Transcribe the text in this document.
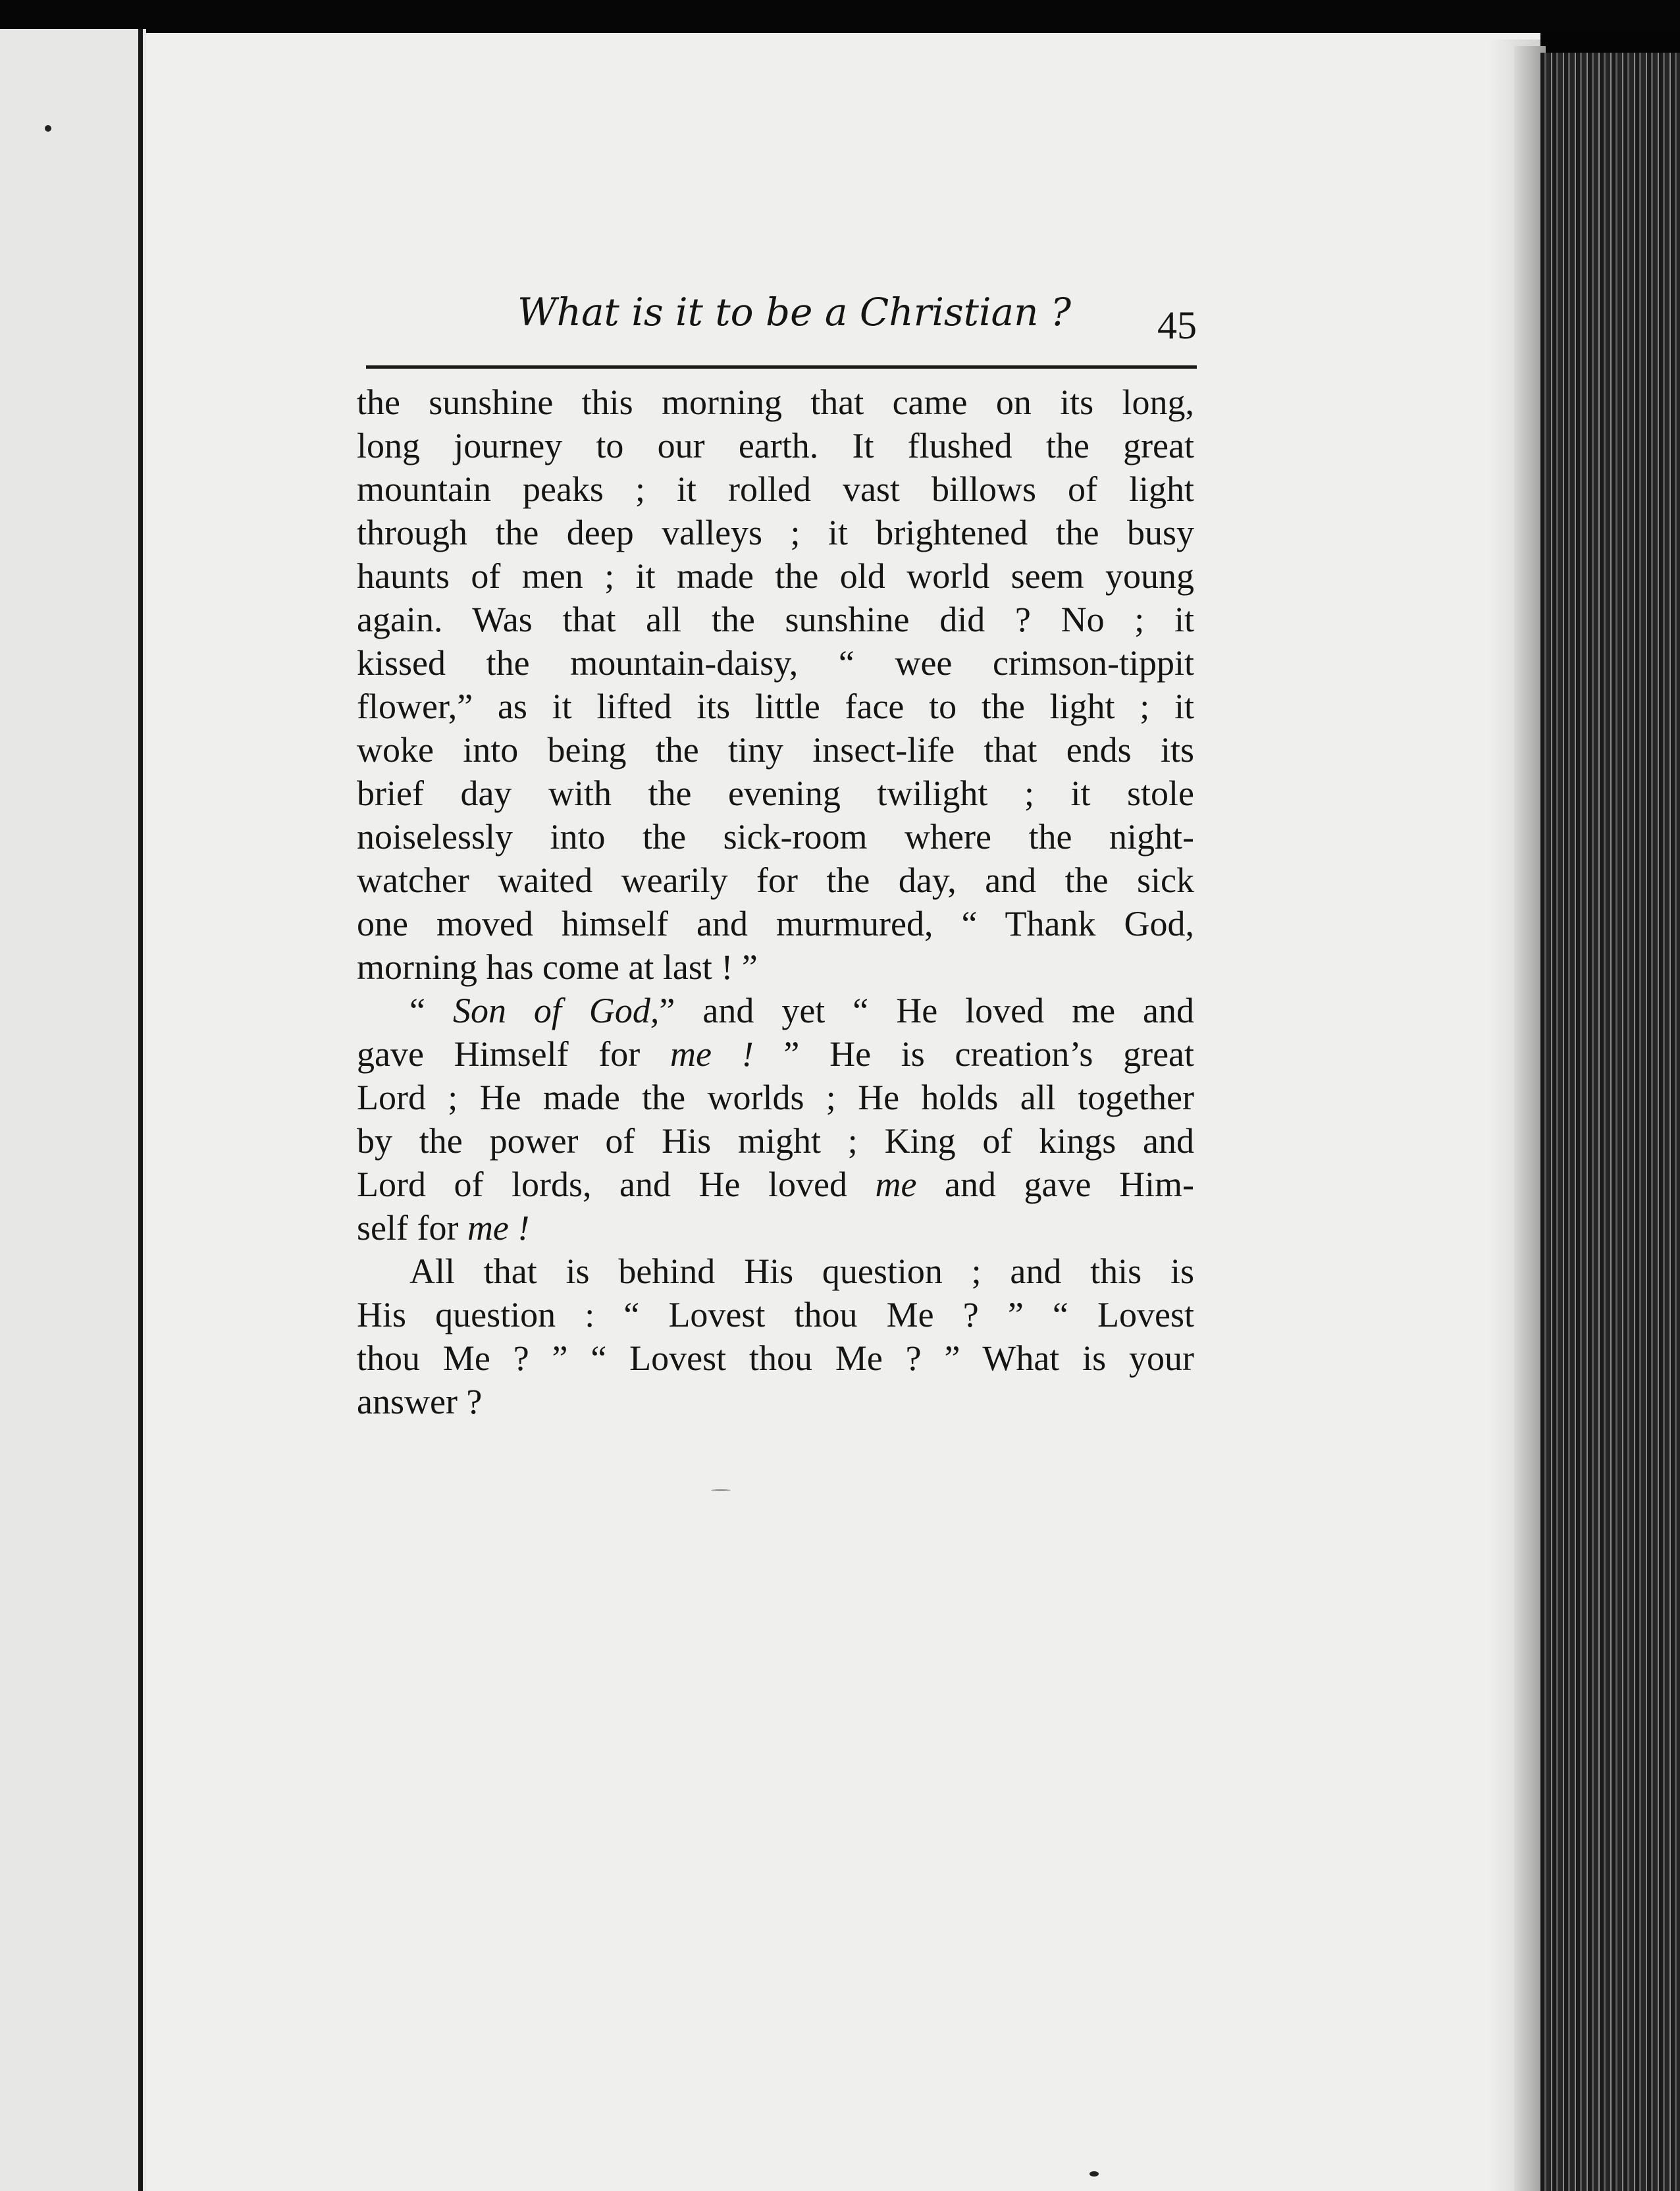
What is it to be a Christian ? 45
the sunshine this morning that came on its long,
long journey to our earth. It flushed the great
mountain peaks ; it rolled vast billows of light
through the deep valleys ; it brightened the busy
haunts of men ; it made the old world seem young
again. Was that all the sunshine did ? No ; it
kissed the mountain-daisy, “ wee crimson-tippit
flower,” as it lifted its little face to the light ; it
woke into being the tiny insect-life that ends its
brief day with the evening twilight ; it stole
noiselessly into the sick-room where the night-
watcher waited wearily for the day, and the sick
one moved himself and murmured, “ Thank God,
morning has come at last ! ”
“ Son of God,” and yet “ He loved me and
gave Himself for me ! ” He is creation’s great
Lord ; He made the worlds ; He holds all together
by the power of His might ; King of kings and
Lord of lords, and He loved me and gave Him-
self for me !
All that is behind His question ; and this is
His question : “ Lovest thou Me ? ” “ Lovest
thou Me ? ” “ Lovest thou Me ? ” What is your
answer ?
